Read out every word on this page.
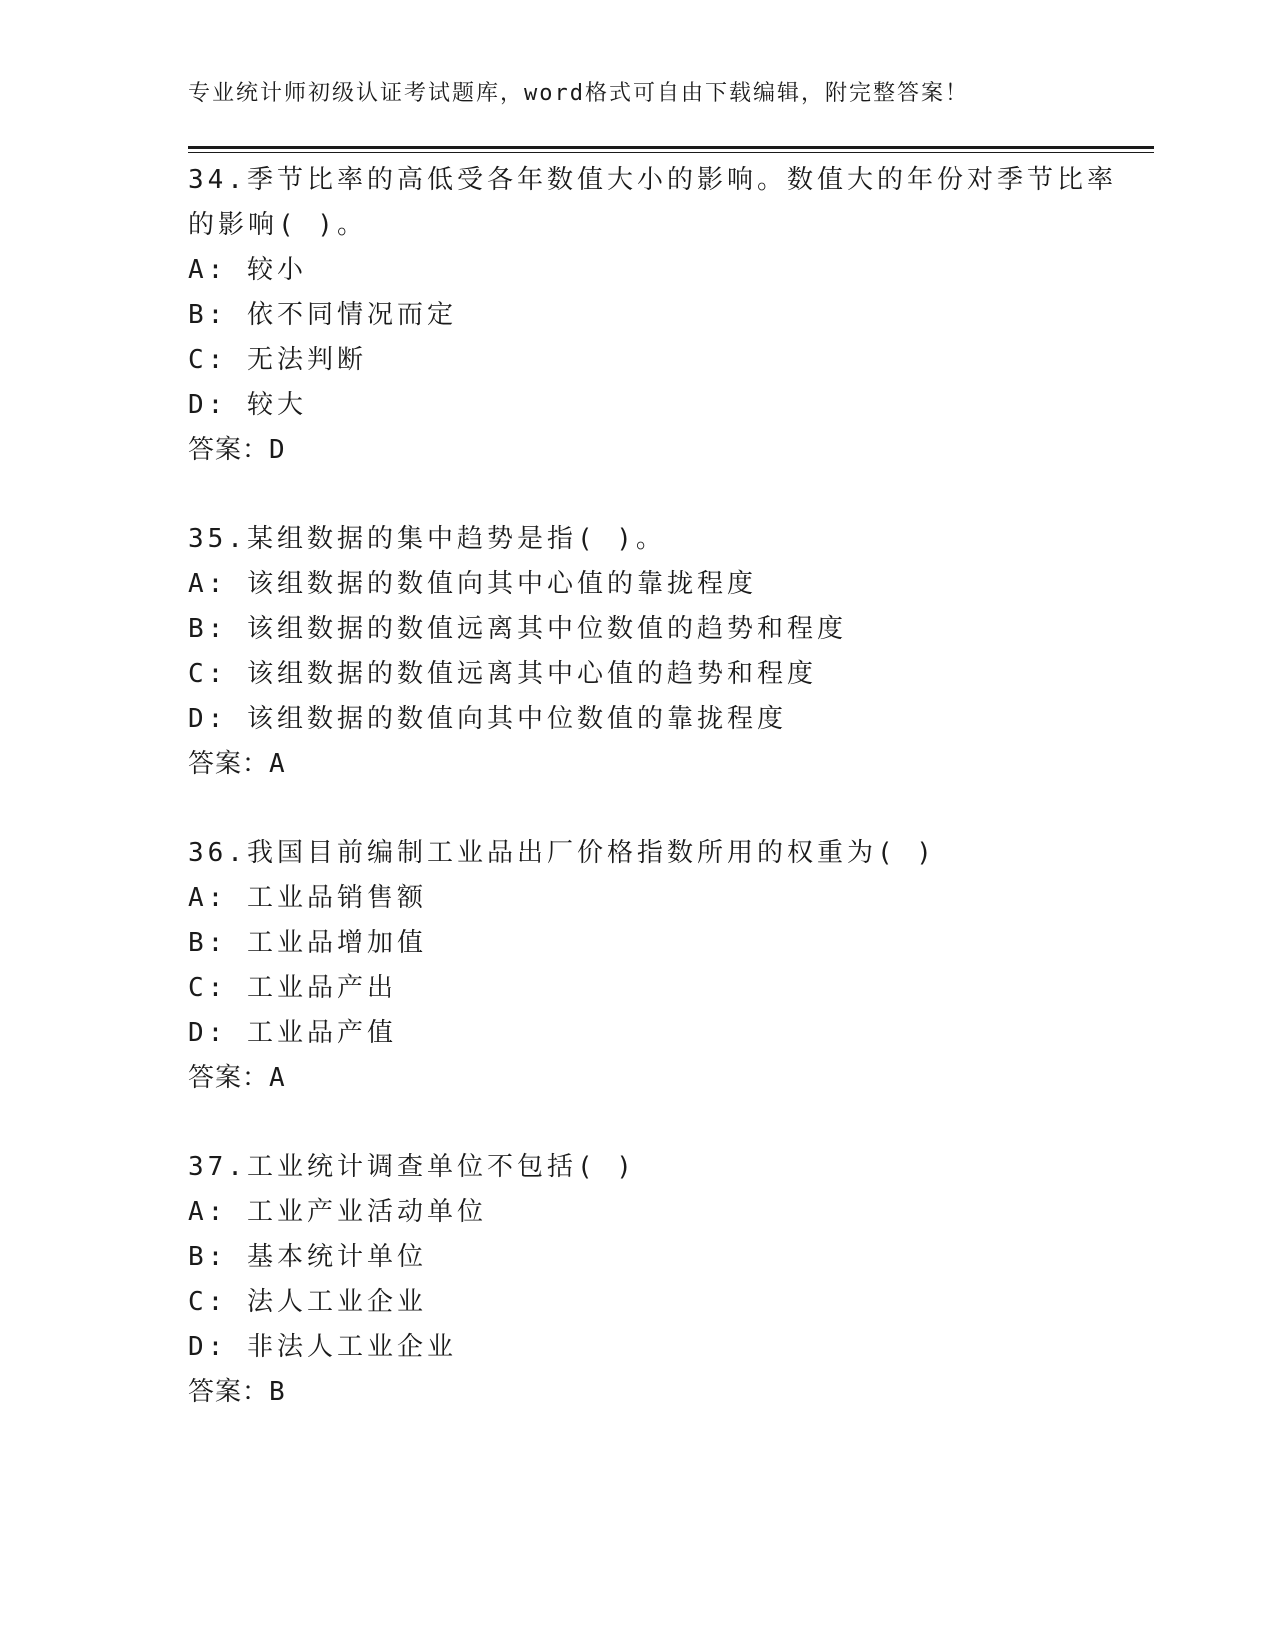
专业统计师初级认证考试题库，word格式可自由下载编辑，附完整答案！
34.季节比率的高低受各年数值大小的影响。数值大的年份对季节比率
的影响( )。
A: 较小
B: 依不同情况而定
C: 无法判断
D: 较大
答案：D
35.某组数据的集中趋势是指( )。
A: 该组数据的数值向其中心值的靠拢程度
B: 该组数据的数值远离其中位数值的趋势和程度
C: 该组数据的数值远离其中心值的趋势和程度
D: 该组数据的数值向其中位数值的靠拢程度
答案：A
36.我国目前编制工业品出厂价格指数所用的权重为( )
A: 工业品销售额
B: 工业品增加值
C: 工业品产出
D: 工业品产值
答案：A
37.工业统计调查单位不包括( )
A: 工业产业活动单位
B: 基本统计单位
C: 法人工业企业
D: 非法人工业企业
答案：B
